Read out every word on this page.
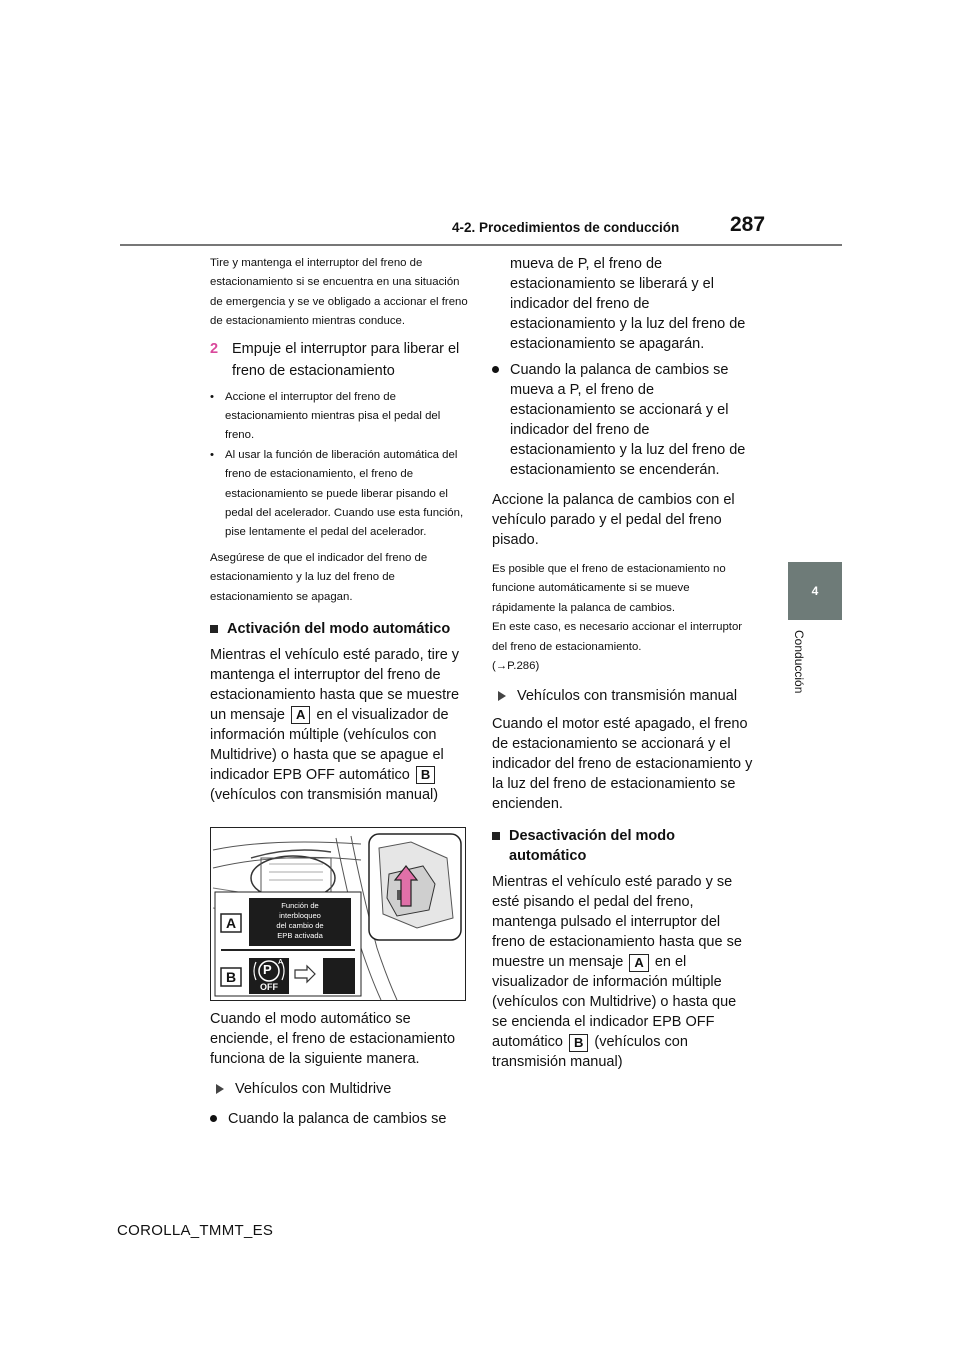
4-2. Procedimientos de conducción 287
4
Conducción

Tire y mantenga el interruptor del freno de estacionamiento si se encuentra en una situación de emergencia y se ve obligado a accionar el freno de estacionamiento mientras conduce.

2 Empuje el interruptor para liberar el freno de estacionamiento
• Accione el interruptor del freno de estacionamiento mientras pisa el pedal del freno.
• Al usar la función de liberación automática del freno de estacionamiento, el freno de estacionamiento se puede liberar pisando el pedal del acelerador. Cuando use esta función, pise lentamente el pedal del acelerador.

Asegúrese de que el indicador del freno de estacionamiento y la luz del freno de estacionamiento se apagan.

Activación del modo automático

Mientras el vehículo esté parado, tire y mantenga el interruptor del freno de estacionamiento hasta que se muestre un mensaje A en el visualizador de información múltiple (vehículos con Multidrive) o hasta que se apague el indicador EPB OFF automático B (vehículos con transmisión manual)

A
B
Función de
interbloqueo
del cambio de
EPB activada
P A
OFF

Cuando el modo automático se enciende, el freno de estacionamiento funciona de la siguiente manera.

Vehículos con Multidrive
Cuando la palanca de cambios se

mueva de P, el freno de estacionamiento se liberará y el indicador del freno de estacionamiento y la luz del freno de estacionamiento se apagarán.

Cuando la palanca de cambios se mueva a P, el freno de estacionamiento se accionará y el indicador del freno de estacionamiento y la luz del freno de estacionamiento se encenderán.

Accione la palanca de cambios con el vehículo parado y el pedal del freno pisado.

Es posible que el freno de estacionamiento no funcione automáticamente si se mueve rápidamente la palanca de cambios.

En este caso, es necesario accionar el interruptor del freno de estacionamiento.

(→P.286)

Vehículos con transmisión manual

Cuando el motor esté apagado, el freno de estacionamiento se accionará y el indicador del freno de estacionamiento y la luz del freno de estacionamiento se encienden.

Desactivación del modo automático

Mientras el vehículo esté parado y se esté pisando el pedal del freno, mantenga pulsado el interruptor del freno de estacionamiento hasta que se muestre un mensaje A en el visualizador de información múltiple (vehículos con Multidrive) o hasta que se encienda el indicador EPB OFF automático B (vehículos con transmisión manual)

COROLLA_TMMT_ES
